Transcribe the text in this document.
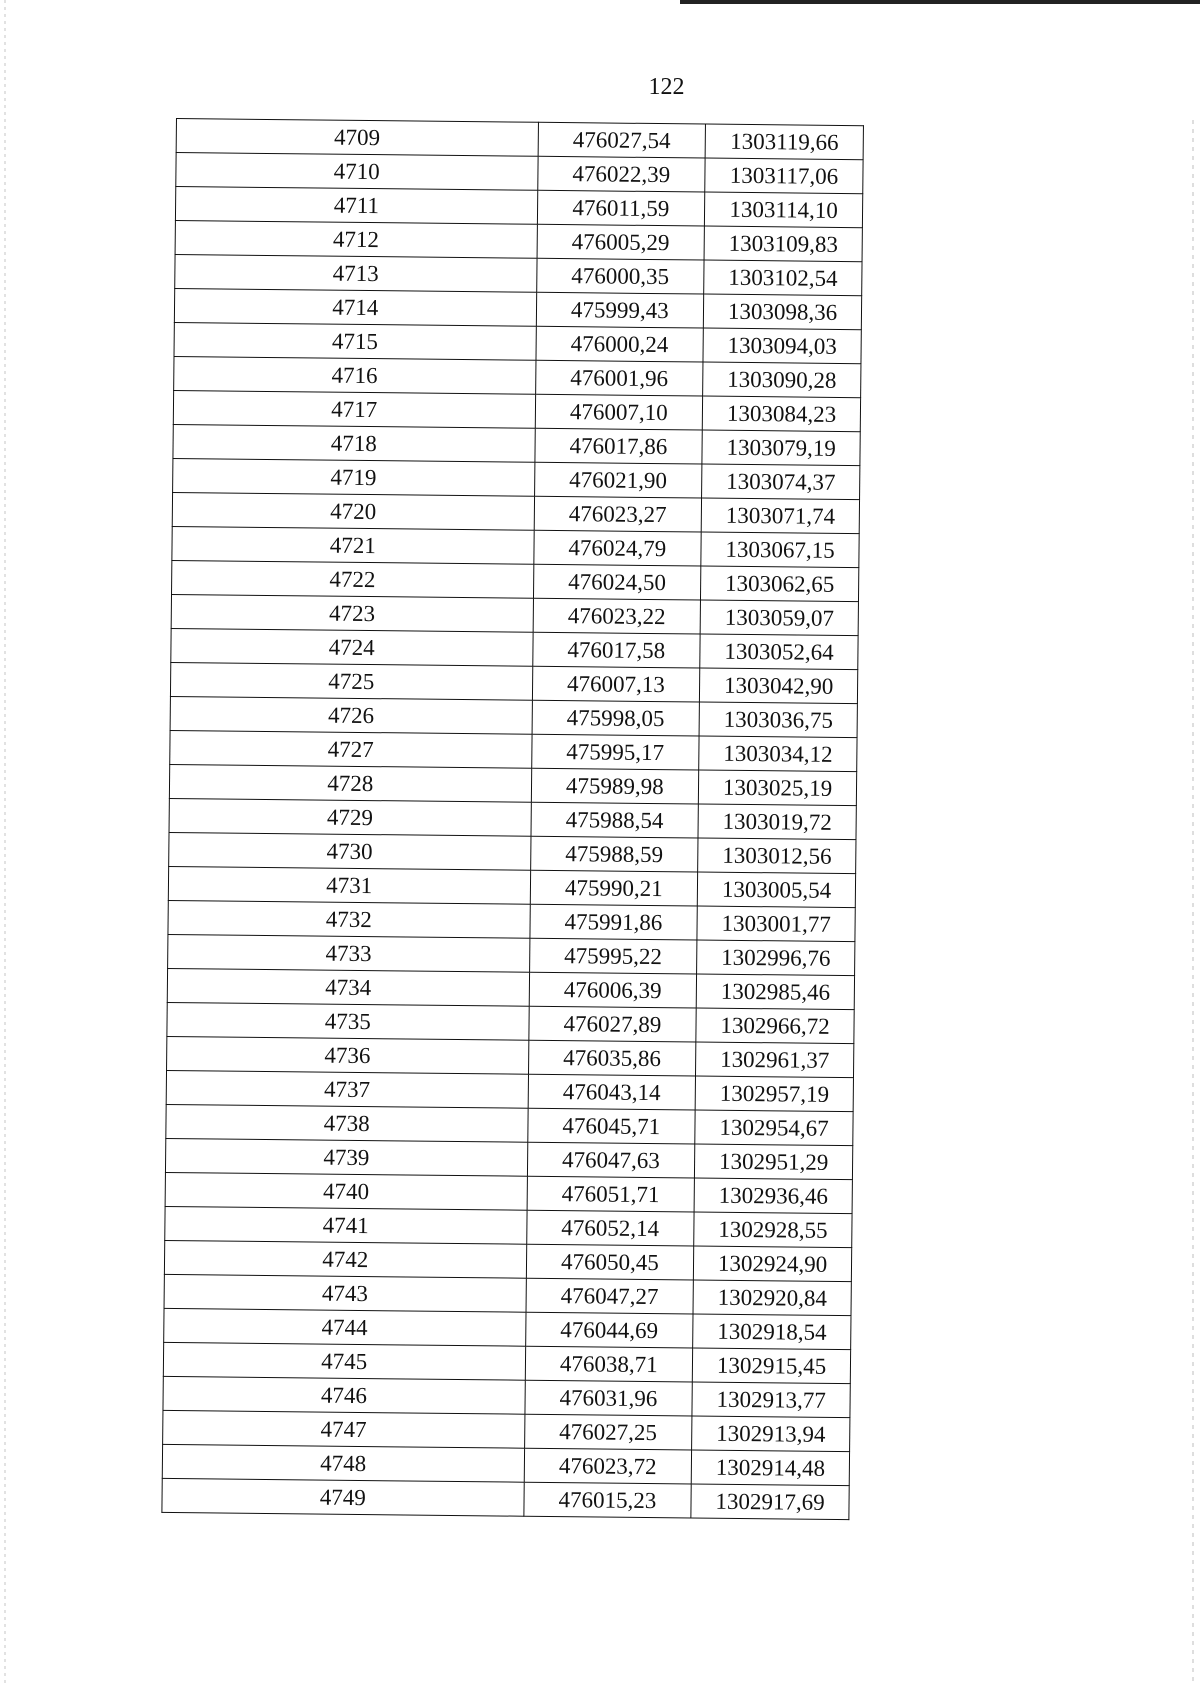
122
4709	476027,54	1303119,66
4710	476022,39	1303117,06
4711	476011,59	1303114,10
4712	476005,29	1303109,83
4713	476000,35	1303102,54
4714	475999,43	1303098,36
4715	476000,24	1303094,03
4716	476001,96	1303090,28
4717	476007,10	1303084,23
4718	476017,86	1303079,19
4719	476021,90	1303074,37
4720	476023,27	1303071,74
4721	476024,79	1303067,15
4722	476024,50	1303062,65
4723	476023,22	1303059,07
4724	476017,58	1303052,64
4725	476007,13	1303042,90
4726	475998,05	1303036,75
4727	475995,17	1303034,12
4728	475989,98	1303025,19
4729	475988,54	1303019,72
4730	475988,59	1303012,56
4731	475990,21	1303005,54
4732	475991,86	1303001,77
4733	475995,22	1302996,76
4734	476006,39	1302985,46
4735	476027,89	1302966,72
4736	476035,86	1302961,37
4737	476043,14	1302957,19
4738	476045,71	1302954,67
4739	476047,63	1302951,29
4740	476051,71	1302936,46
4741	476052,14	1302928,55
4742	476050,45	1302924,90
4743	476047,27	1302920,84
4744	476044,69	1302918,54
4745	476038,71	1302915,45
4746	476031,96	1302913,77
4747	476027,25	1302913,94
4748	476023,72	1302914,48
4749	476015,23	1302917,69
